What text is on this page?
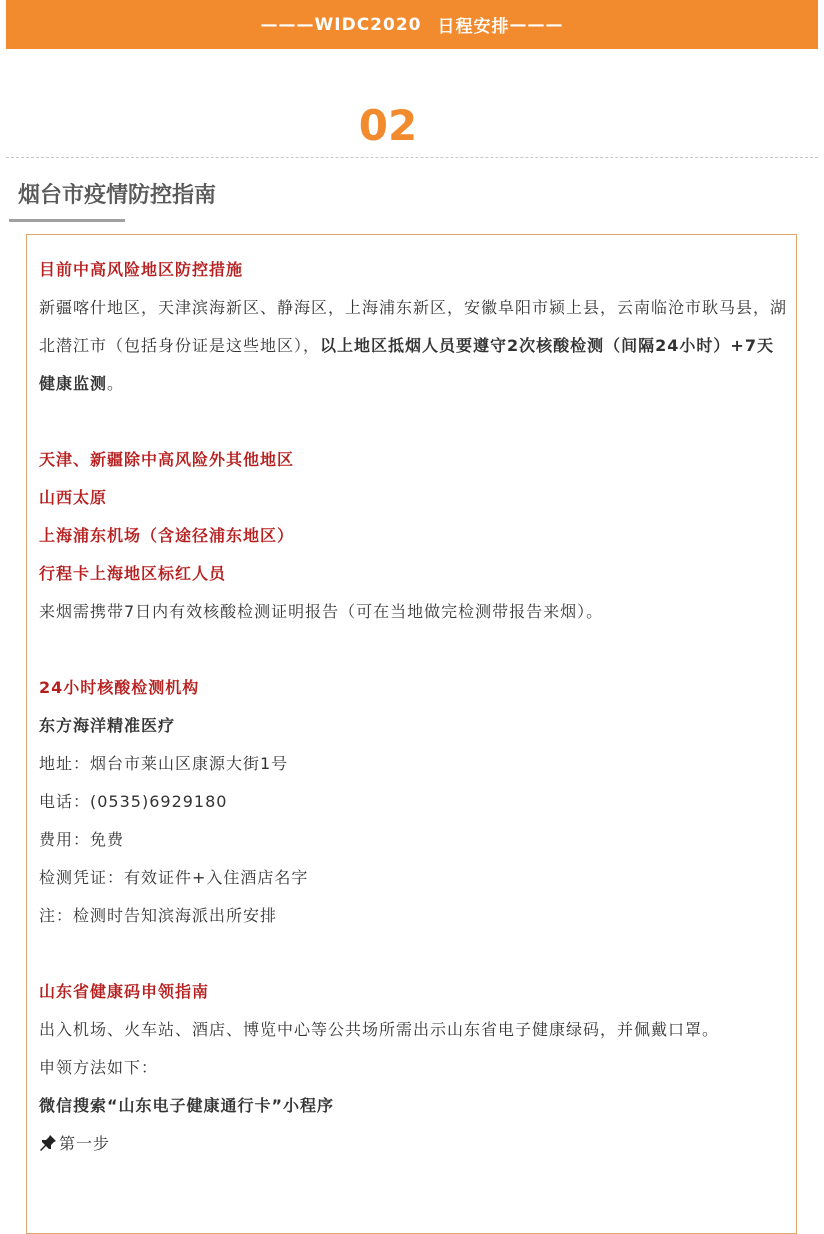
——— WIDC2020 日程安排 ———
02
烟台市疫情防控指南

目前中高风险地区防控措施

新疆喀什地区，天津滨海新区、静海区，上海浦东新区，安徽阜阳市颍上县，云南临沧市耿马县，湖北潜江市（包括身份证是这些地区），以上地区抵烟人员要遵守2次核酸检测（间隔24小时）+7天健康监测。

天津、新疆除中高风险外其他地区

山西太原

上海浦东机场（含途径浦东地区）

行程卡上海地区标红人员

来烟需携带7日内有效核酸检测证明报告（可在当地做完检测带报告来烟）。

24小时核酸检测机构

东方海洋精准医疗

地址：烟台市莱山区康源大街1号

电话：(0535)6929180

费用：免费

检测凭证：有效证件+入住酒店名字

注：检测时告知滨海派出所安排

山东省健康码申领指南

出入机场、火车站、酒店、博览中心等公共场所需出示山东省电子健康绿码，并佩戴口罩。

申领方法如下：

微信搜索“山东电子健康通行卡”小程序

第一步
